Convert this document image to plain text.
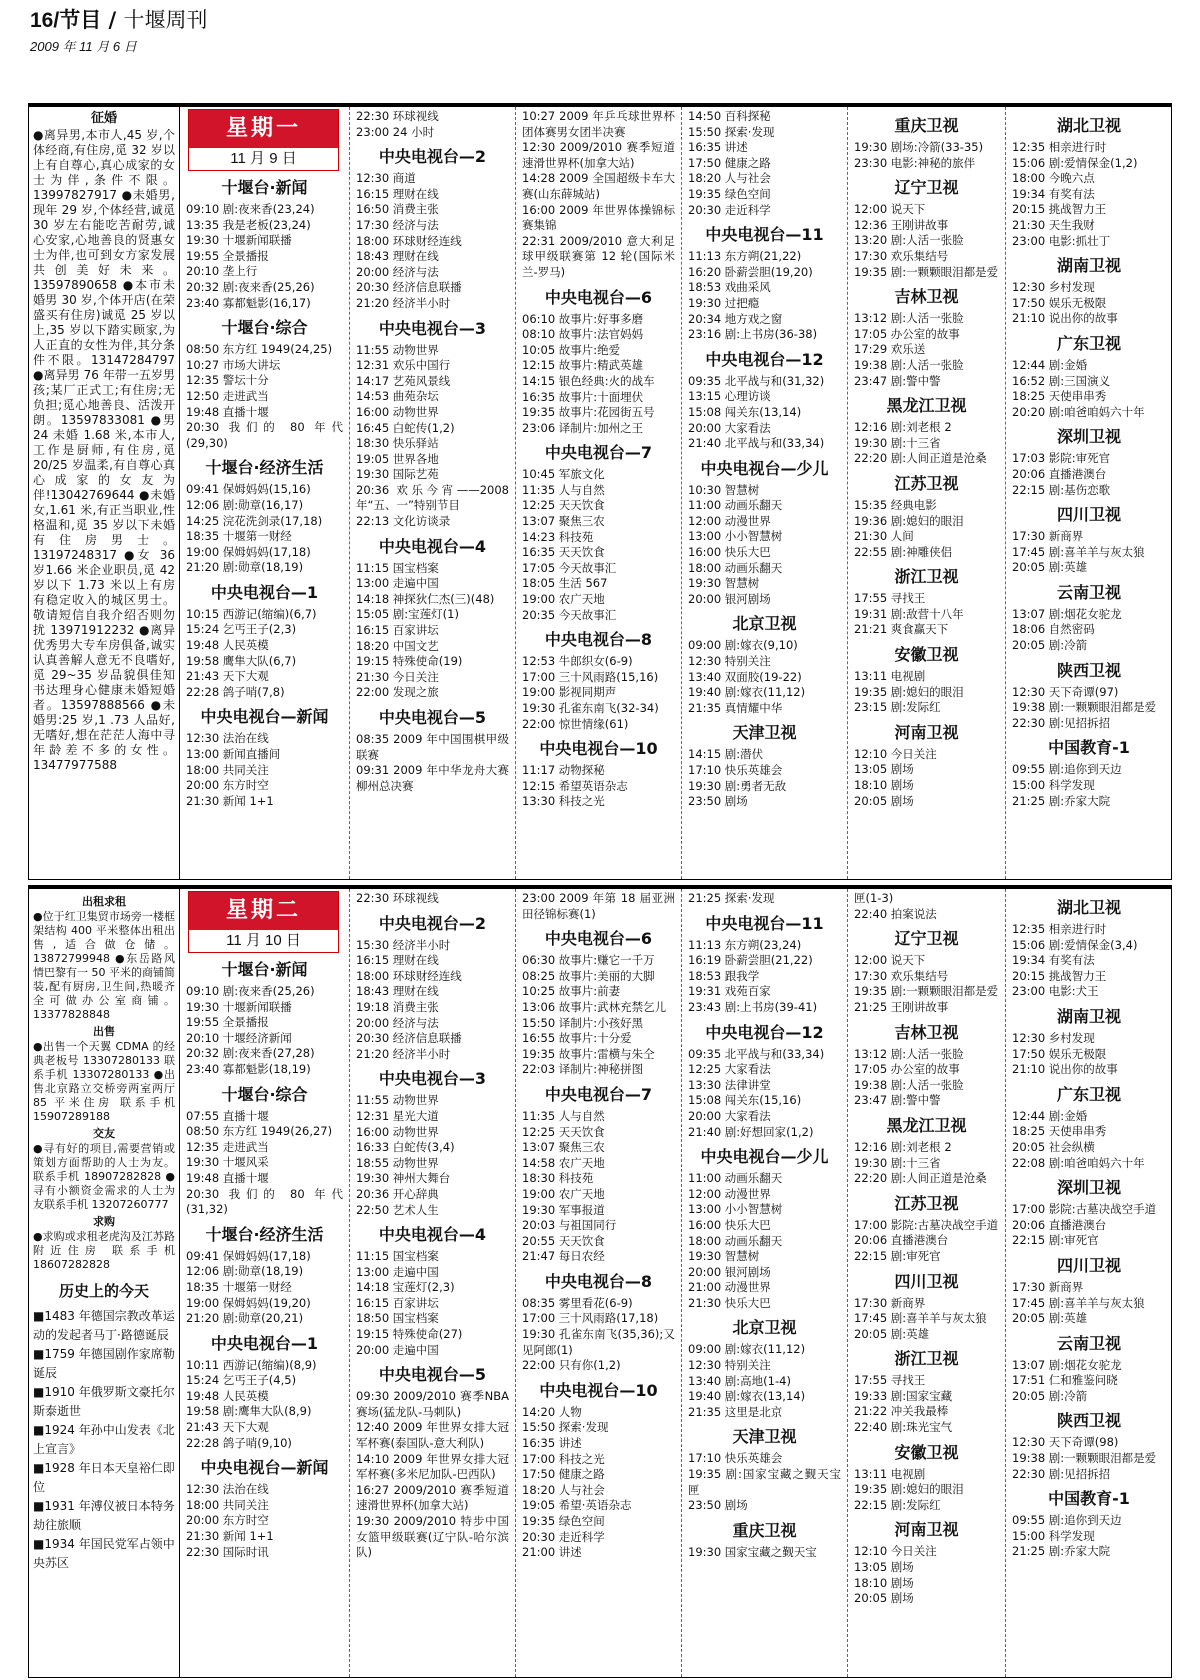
16/节目 / 十堰周刊
2009 年 11 月 6 日
征婚
●离异男,本市人,45 岁,个体经商,有住房,觅 32 岁以上有自尊心,真心成家的女士为伴,条件不限。13997827917 ●未婚男,现年 29 岁,个体经营,诚觅 30 岁左右能吃苦耐劳,诚心安家,心地善良的贤惠女士为伴,也可到女方家发展共创美好未来。13597890658 ●本市未婚男 30 岁,个体开店(在荣盛买有住房)诚觅 25 岁以上,35 岁以下踏实顾家,为人正直的女性为伴,其分条件不限。13147284797 ●离异男 76 年带一五岁男孩;某厂正式工;有住房;无负担;觅心地善良、活泼开朗。13597833081 ●男 24 未婚 1.68 米,本市人,工作是厨师,有住房,觅 20/25 岁温柔,有自尊心真心成家的女友为伴!13042769644 ●未婚女,1.61 米,有正当职业,性格温和,觅 35 岁以下未婚有住房男士。13197248317 ●女 36 岁1.66 米企业职员,觅 42岁以下 1.73 米以上有房有稳定收入的城区男士。敬请短信自我介绍否则勿扰 13971912232 ●离异优秀男大专车房俱备,诚实认真善解人意无不良嗜好,觅 29~35 岁品貌俱佳知书达理身心健康未婚短婚者。13597888566 ●未婚男:25 岁,1 .73 人品好,无嗜好,想在茫茫人海中寻年龄差不多的女性。13477977588
星期一
11 月 9 日
十堰台·新闻
09:10 剧:夜来香(23,24)
13:35 我是老板(23,24)
19:30 十堰新闻联播
19:55 全景播报
20:10 垄上行
20:32 剧:夜来香(25,26)
23:40 寡都魁影(16,17)
十堰台·综合
08:50 东方红 1949(24,25)
10:27 市场大讲坛
12:35 警坛十分
12:50 走进武当
19:48 直播十堰
20:30 我们的 80 年代(29,30)
十堰台·经济生活
09:41 保姆妈妈(15,16)
12:06 剧:勋章(16,17)
14:25 浣花洗剑录(17,18)
18:35 十堰第一财经
19:00 保姆妈妈(17,18)
21:20 剧:勋章(18,19)
中央电视台—1
10:15 西游记(缩编)(6,7)
15:24 乞丐王子(2,3)
19:48 人民英模
19:58 鹰隼大队(6,7)
21:43 天下大观
22:28 鸽子哨(7,8)
中央电视台—新闻
12:30 法治在线
13:00 新闻直播间
18:00 共同关注
20:00 东方时空
21:30 新闻 1+1
22:30 环球视线
23:00 24 小时
中央电视台—2
12:30 商道
16:15 理财在线
16:50 消费主张
17:30 经济与法
18:00 环球财经连线
18:43 理财在线
20:00 经济与法
20:30 经济信息联播
21:20 经济半小时
中央电视台—3
11:55 动物世界
12:31 欢乐中国行
14:17 艺苑风景线
14:53 曲苑杂坛
16:00 动物世界
16:45 白蛇传(1,2)
18:30 快乐驿站
19:05 世界各地
19:30 国际艺苑
20:36 欢乐今宵——2008 年“五、一”特别节目
22:13 文化访谈录
中央电视台—4
11:15 国宝档案
13:00 走遍中国
14:18 神探狄仁杰(三)(48)
15:05 剧:宝莲灯(1)
16:15 百家讲坛
18:20 中国文艺
19:15 特殊使命(19)
21:30 今日关注
22:00 发现之旅
中央电视台—5
08:35 2009 年中国围棋甲级联赛
09:31 2009 年中华龙舟大赛柳州总决赛
10:27 2009 年乒乓球世界杯团体赛男女团半决赛
12:30 2009/2010 赛季短道速滑世界杯(加拿大站)
14:28 2009 全国超级卡车大赛(山东薛城站)
16:00 2009 年世界体操锦标赛集锦
22:31 2009/2010 意大利足球甲级联赛第 12 轮(国际米兰-罗马)
中央电视台—6
06:10 故事片:好事多磨
08:10 故事片:法官妈妈
10:05 故事片:绝爱
12:15 故事片:精武英雄
14:15 银色经典:火的战车
16:35 故事片:十面埋伏
19:35 故事片:花园街五号
23:06 译制片:加州之王
中央电视台—7
10:45 军旅文化
11:35 人与自然
12:25 天天饮食
13:07 聚焦三农
14:23 科技苑
16:35 天天饮食
17:05 今天故事汇
18:05 生活 567
19:00 农广天地
20:35 今天故事汇
中央电视台—8
12:53 牛郎织女(6-9)
17:00 三十风雨路(15,16)
19:00 影视同期声
19:30 孔雀东南飞(32-34)
22:00 惊世情缘(61)
中央电视台—10
11:17 动物探秘
12:15 希望英语杂志
13:30 科技之光
14:50 百科探秘
15:50 探索·发现
16:35 讲述
17:50 健康之路
18:20 人与社会
19:35 绿色空间
20:30 走近科学
中央电视台—11
11:13 东方朔(21,22)
16:20 卧薪尝胆(19,20)
18:53 戏曲采风
19:30 过把瘾
20:34 地方戏之窗
23:16 剧:上书房(36-38)
中央电视台—12
09:35 北平战与和(31,32)
13:15 心理访谈
15:08 闯关东(13,14)
20:00 大家看法
21:40 北平战与和(33,34)
中央电视台—少儿
10:30 智慧树
11:00 动画乐翻天
12:00 动漫世界
13:00 小小智慧树
16:00 快乐大巴
18:00 动画乐翻天
19:30 智慧树
20:00 银河剧场
北京卫视
09:00 剧:嫁衣(9,10)
12:30 特别关注
13:40 双面胶(19-22)
19:40 剧:嫁衣(11,12)
21:35 真情耀中华
天津卫视
14:15 剧:潜伏
17:10 快乐英雄会
19:30 剧:勇者无敌
23:50 剧场
重庆卫视
19:30 剧场:冷箭(33-35)
23:30 电影:神秘的旅伴
辽宁卫视
12:00 说天下
12:36 王刚讲故事
13:20 剧:人活一张脸
17:30 欢乐集结号
19:35 剧:一颗颗眼泪都是爱
吉林卫视
13:12 剧:人活一张脸
17:05 办公室的故事
17:29 欢乐送
19:38 剧:人活一张脸
23:47 剧:警中警
黑龙江卫视
12:16 剧:刘老根 2
19:30 剧:十三省
22:20 剧:人间正道是沧桑
江苏卫视
15:35 经典电影
19:36 剧:媳妇的眼泪
21:30 人间
22:55 剧:神雕侠侣
浙江卫视
17:55 寻找王
19:31 剧:敌营十八年
21:21 爽食赢天下
安徽卫视
13:11 电视剧
19:35 剧:媳妇的眼泪
23:15 剧:发际红
河南卫视
12:10 今日关注
13:05 剧场
18:10 剧场
20:05 剧场
湖北卫视
12:35 相亲进行时
15:06 剧:爱情保金(1,2)
18:00 今晚六点
19:34 有奖有法
20:15 挑战智力王
21:30 天生我财
23:00 电影:抓壮丁
湖南卫视
12:30 乡村发现
17:50 娱乐无极限
21:10 说出你的故事
广东卫视
12:44 剧:金婚
16:52 剧:三国演义
18:25 天使串串秀
20:20 剧:咱爸咱妈六十年
深圳卫视
17:03 影院:审死官
20:06 直播港澳台
22:15 剧:基伤恋歌
四川卫视
17:30 新商界
17:45 剧:喜羊羊与灰太狼
20:05 剧:英雄
云南卫视
13:07 剧:烟花女驼龙
18:06 自然密码
20:05 剧:冷箭
陕西卫视
12:30 天下奇谭(97)
19:38 剧:一颗颗眼泪都是爱
22:30 剧:见招拆招
中国教育-1
09:55 剧:追你到天边
15:00 科学发现
21:25 剧:乔家大院
出租求租
●位于红卫集贸市场旁一楼框架结构 400 平米整体出租出售,适合做仓储。13872799948 ●东岳路风情巴黎有一 50 平米的商铺简装,配有厨房,卫生间,热暖齐全可做办公室商铺。13377828848
出售
●出售一个天翼 CDMA 的经典老板号 13307280133 联系手机 13307280133 ●出售北京路立交桥旁两室两厅 85 平米住房 联系手机 15907289188
交友
●寻有好的项目,需要营销或策划方面帮助的人士为友。联系手机 18907282828 ●寻有小额资金需求的人士为友联系手机 13207260777
求购
●求购或求租老虎沟及江苏路附近住房 联系手机 18607282828
历史上的今天
■1483 年德国宗教改革运动的发起者马丁·路德诞辰
■1759 年德国剧作家席勒诞辰
■1910 年俄罗斯文豪托尔斯泰逝世
■1924 年孙中山发表《北上宣言》
■1928 年日本天皇裕仁即位
■1931 年溥仪被日本特务劫往旅顺
■1934 年国民党军占领中央苏区
星期二
11 月 10 日
十堰台·新闻
09:10 剧:夜来香(25,26)
19:30 十堰新闻联播
19:55 全景播报
20:10 十堰经济新闻
20:32 剧:夜来香(27,28)
23:40 寡都魁影(18,19)
十堰台·综合
07:55 直播十堰
08:50 东方红 1949(26,27)
12:35 走进武当
19:30 十堰风采
19:48 直播十堰
20:30 我们的 80 年代(31,32)
十堰台·经济生活
09:41 保姆妈妈(17,18)
12:06 剧:勋章(18,19)
18:35 十堰第一财经
19:00 保姆妈妈(19,20)
21:20 剧:勋章(20,21)
中央电视台—1
10:11 西游记(缩编)(8,9)
15:24 乞丐王子(4,5)
19:48 人民英模
19:58 剧:鹰隼大队(8,9)
21:43 天下大观
22:28 鸽子哨(9,10)
中央电视台—新闻
12:30 法治在线
18:00 共同关注
20:00 东方时空
21:30 新闻 1+1
22:30 国际时讯
22:30 环球视线
中央电视台—2
15:30 经济半小时
16:15 理财在线
18:00 环球财经连线
18:43 理财在线
19:18 消费主张
20:00 经济与法
20:30 经济信息联播
21:20 经济半小时
中央电视台—3
11:55 动物世界
12:31 星光大道
16:00 动物世界
16:33 白蛇传(3,4)
18:55 动物世界
19:30 神州大舞台
20:36 开心辞典
22:50 艺术人生
中央电视台—4
11:15 国宝档案
13:00 走遍中国
14:18 宝莲灯(2,3)
16:15 百家讲坛
18:50 国宝档案
19:15 特殊使命(27)
20:00 走遍中国
中央电视台—5
09:30 2009/2010 赛季NBA 赛场(猛龙队-马刺队)
12:40 2009 年世界女排大冠军杯赛(泰国队-意大利队)
14:10 2009 年世界女排大冠军杯赛(多米尼加队-巴西队)
16:27 2009/2010 赛季短道速滑世界杯(加拿大站)
19:30 2009/2010 特步中国女篮甲级联赛(辽宁队-哈尔滨队)
23:00 2009 年第 18 届亚洲田径锦标赛(1)
中央电视台—6
06:30 故事片:赚它一千万
08:25 故事片:美丽的大脚
10:25 故事片:前妻
13:06 故事片:武林充禁乞儿
15:50 译制片:小孩好黑
16:55 故事片:十分爱
19:35 故事片:雷横与朱仝
22:03 译制片:神秘拼图
中央电视台—7
11:35 人与自然
12:25 天天饮食
13:07 聚焦三农
14:58 农广天地
18:30 科技苑
19:00 农广天地
19:30 军事报道
20:03 与祖国同行
20:55 天天饮食
21:47 每日农经
中央电视台—8
08:35 雾里看花(6-9)
17:00 三十风雨路(17,18)
19:30 孔雀东南飞(35,36);又见阿郎(1)
22:00 只有你(1,2)
中央电视台—10
14:20 人物
15:50 探索·发现
16:35 讲述
17:00 科技之光
17:50 健康之路
18:20 人与社会
19:05 希望·英语杂志
19:35 绿色空间
20:30 走近科学
21:00 讲述
21:25 探索·发现
中央电视台—11
11:13 东方朔(23,24)
16:19 卧薪尝胆(21,22)
18:53 跟我学
19:31 戏苑百家
23:43 剧:上书房(39-41)
中央电视台—12
09:35 北平战与和(33,34)
12:25 大家看法
13:30 法律讲堂
15:08 闯关东(15,16)
20:00 大家看法
21:40 剧:好想回家(1,2)
中央电视台—少儿
11:00 动画乐翻天
12:00 动漫世界
13:00 小小智慧树
16:00 快乐大巴
18:00 动画乐翻天
19:30 智慧树
20:00 银河剧场
21:00 动漫世界
21:30 快乐大巴
北京卫视
09:00 剧:嫁衣(11,12)
12:30 特别关注
13:40 剧:高地(1-4)
19:40 剧:嫁衣(13,14)
21:35 这里是北京
天津卫视
17:10 快乐英雄会
19:35 剧:国家宝藏之觐天宝匣
23:50 剧场
重庆卫视
19:30 国家宝藏之觐天宝
匣(1-3)
22:40 拍案说法
辽宁卫视
12:00 说天下
17:30 欢乐集结号
19:35 剧:一颗颗眼泪都是爱
21:25 王刚讲故事
吉林卫视
13:12 剧:人活一张脸
17:05 办公室的故事
19:38 剧:人活一张脸
23:47 剧:警中警
黑龙江卫视
12:16 剧:刘老根 2
19:30 剧:十三省
22:20 剧:人间正道是沧桑
江苏卫视
17:00 影院:古墓决战空手道
20:06 直播港澳台
22:15 剧:审死官
四川卫视
17:30 新商界
17:45 剧:喜羊羊与灰太狼
20:05 剧:英雄
浙江卫视
17:55 寻找王
19:33 剧:国家宝藏
21:22 冲关我最棒
22:40 剧:珠光宝气
安徽卫视
13:11 电视剧
19:35 剧:媳妇的眼泪
22:15 剧:发际红
河南卫视
12:10 今日关注
13:05 剧场
18:10 剧场
20:05 剧场
湖北卫视
12:35 相亲进行时
15:06 剧:爱情保金(3,4)
19:34 有奖有法
20:15 挑战智力王
23:00 电影:犬王
湖南卫视
12:30 乡村发现
17:50 娱乐无极限
21:10 说出你的故事
广东卫视
12:44 剧:金婚
18:25 天使串串秀
20:05 社会纵横
22:08 剧:咱爸咱妈六十年
深圳卫视
17:00 影院:古墓决战空手道
20:06 直播港澳台
22:15 剧:审死官
四川卫视
17:30 新商界
17:45 剧:喜羊羊与灰太狼
20:05 剧:英雄
云南卫视
13:07 剧:烟花女驼龙
17:51 仁和雅鉴问晓
20:05 剧:冷箭
陕西卫视
12:30 天下奇谭(98)
19:38 剧:一颗颗眼泪都是爱
22:30 剧:见招拆招
中国教育-1
09:55 剧:追你到天边
15:00 科学发现
21:25 剧:乔家大院
